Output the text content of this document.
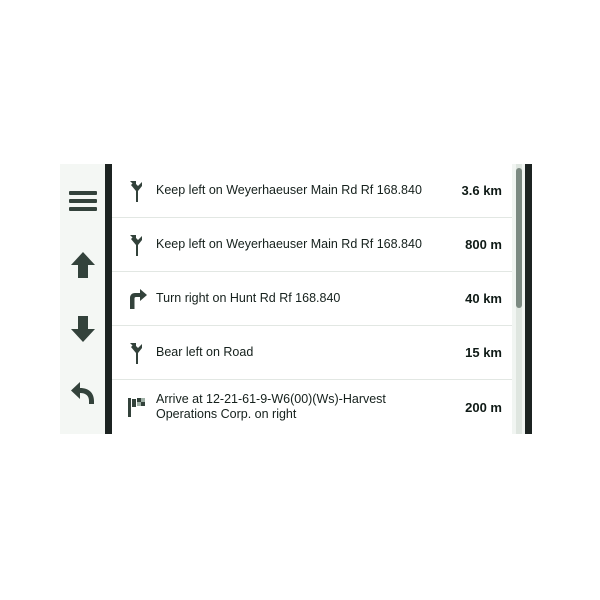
Keep left on Weyerhaeuser Main Rd Rf 168.840	3.6 km
Keep left on Weyerhaeuser Main Rd Rf 168.840	800 m
Turn right on Hunt Rd Rf 168.840	40 km
Bear left on Road	15 km
Arrive at 12-21-61-9-W6(00)(Ws)-Harvest Operations Corp. on right	200 m
